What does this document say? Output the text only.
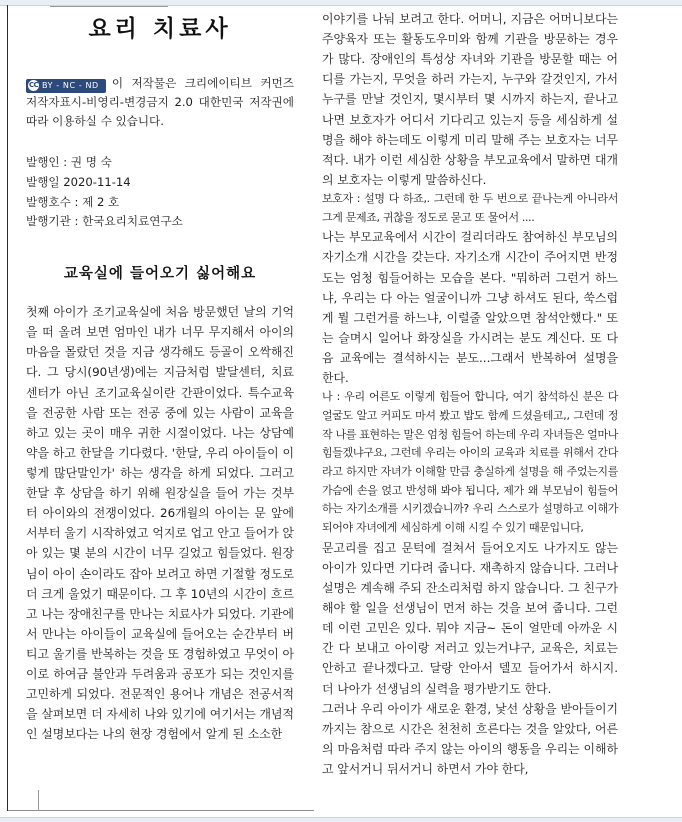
요리 치료사
CC BY - NC - ND 이 저작물은 크리에이티브 커먼즈 저작자표시-비영리-변경금지 2.0 대한민국 저작권에 따라 이용하실 수 있습니다.
발행인 : 권 명 숙
발행일 2020-11-14
발행호수 : 제 2 호
발행기관 : 한국요리치료연구소
교육실에 들어오기 싫어해요

첫째 아이가 조기교육실에 처음 방문했던 날의 기억을 떠 올려 보면 엄마인 내가 너무 무지해서 아이의 마음을 몰랐던 것을 지금 생각해도 등골이 오싹해진다. 그 당시(90년생)에는 지금처럼 발달센터, 치료센터가 아닌 조기교육실이란 간판이었다. 특수교육을 전공한 사람 또는 전공 중에 있는 사람이 교육을 하고 있는 곳이 매우 귀한 시절이었다. 나는 상담예약을 하고 한달을 기다렸다. '한달, 우리 아이들이 이렇게 많단말인가' 하는 생각을 하게 되었다. 그러고 한달 후 상담을 하기 위해 원장실을 들어 가는 것부터 아이와의 전쟁이었다. 26개월의 아이는 문 앞에서부터 울기 시작하였고 억지로 업고 안고 들어가 앉아 있는 몇 분의 시간이 너무 길었고 힘들었다. 원장님이 아이 손이라도 잡아 보려고 하면 기절할 정도로 더 크게 울었기 때문이다. 그 후 10년의 시간이 흐르고 나는 장애친구를 만나는 치료사가 되었다. 기관에서 만나는 아이들이 교육실에 들어오는 순간부터 버티고 울기를 반복하는 것을 또 경험하였고 무엇이 아이로 하여금 불안과 두려움과 공포가 되는 것인지를 고민하게 되었다. 전문적인 용어나 개념은 전공서적을 살펴보면 더 자세히 나와 있기에 여기서는 개념적인 설명보다는 나의 현장 경험에서 알게 된 소소한

이야기를 나눠 보려고 한다. 어머니, 지금은 어머니보다는 주양육자 또는 활동도우미와 함께 기관을 방문하는 경우가 많다. 장애인의 특성상 자녀와 기관을 방문할 때는 어디를 가는지, 무엇을 하러 가는지, 누구와 갈것인지, 가서 누구를 만날 것인지, 몇시부터 몇 시까지 하는지, 끝나고 나면 보호자가 어디서 기다리고 있는지 등을 세심하게 설명을 해야 하는데도 이렇게 미리 말해 주는 보호자는 너무 적다. 내가 이런 세심한 상황을 부모교육에서 말하면 대개의 보호자는 이렇게 말씀하신다.

보호자 : 설명 다 하죠,. 그런데 한 두 번으로 끝나는게 아니라서 그게 문제죠, 귀찮을 정도로 묻고 또 물어서 ....

나는 부모교육에서 시간이 걸리더라도 참여하신 부모님의 자기소개 시간을 갖는다. 자기소개 시간이 주어지면 반정도는 엄청 힘들어하는 모습을 본다. "뭐하러 그런거 하느냐, 우리는 다 아는 얼굴이니까 그냥 하셔도 된다, 쑥스럽게 뭘 그런거를 하느냐, 이럴줄 알았으면 참석안했다." 또는 슬며시 일어나 화장실을 가시려는 분도 계신다. 또 다음 교육에는 결석하시는 분도...그래서 반복하여 설명을 한다.

나 : 우리 어른도 이렇게 힘들어 합니다, 여기 참석하신 분은 다 얼굴도 알고 커피도 마셔 봤고 밥도 함께 드셨을테고,, 그런데 정작 나를 표현하는 말은 엄청 힘들어 하는데 우리 자녀들은 얼마나 힘들겠냐구요, 그런데 우리는 아이의 교육과 치료를 위해서 간다라고 하지만 자녀가 이해할 만큼 충실하게 설명을 해 주었는지를 가슴에 손을 얹고 반성해 봐야 됩니다, 제가 왜 부모님이 힘들어 하는 자기소개를 시키겠습니까? 우리 스스로가 설명하고 이해가 되어야 자녀에게 세심하게 이해 시킬 수 있기 때문입니다,

문고리를 집고 문턱에 걸쳐서 들어오지도 나가지도 않는 아이가 있다면 기다려 줍니다. 재촉하지 않습니다. 그러나 설명은 계속해 주되 잔소리처럼 하지 않습니다. 그 친구가 해야 할 일을 선생님이 먼저 하는 것을 보여 줍니다. 그런데 이런 고민은 있다. 뭐야 지금~ 돈이 얼만데 아까운 시간 다 보내고 아이랑 저러고 있는거냐구, 교육은, 치료는 안하고 끝나겠다고. 달랑 안아서 델꼬 들어가서 하시지. 더 나아가 선생님의 실력을 평가받기도 한다.

그러나 우리 아이가 새로운 환경, 낯선 상황을 받아들이기까지는 참으로 시간은 천천히 흐른다는 것을 알았다, 어른의 마음처럼 따라 주지 않는 아이의 행동을 우리는 이해하고 앞서거니 뒤서거니 하면서 가야 한다,
